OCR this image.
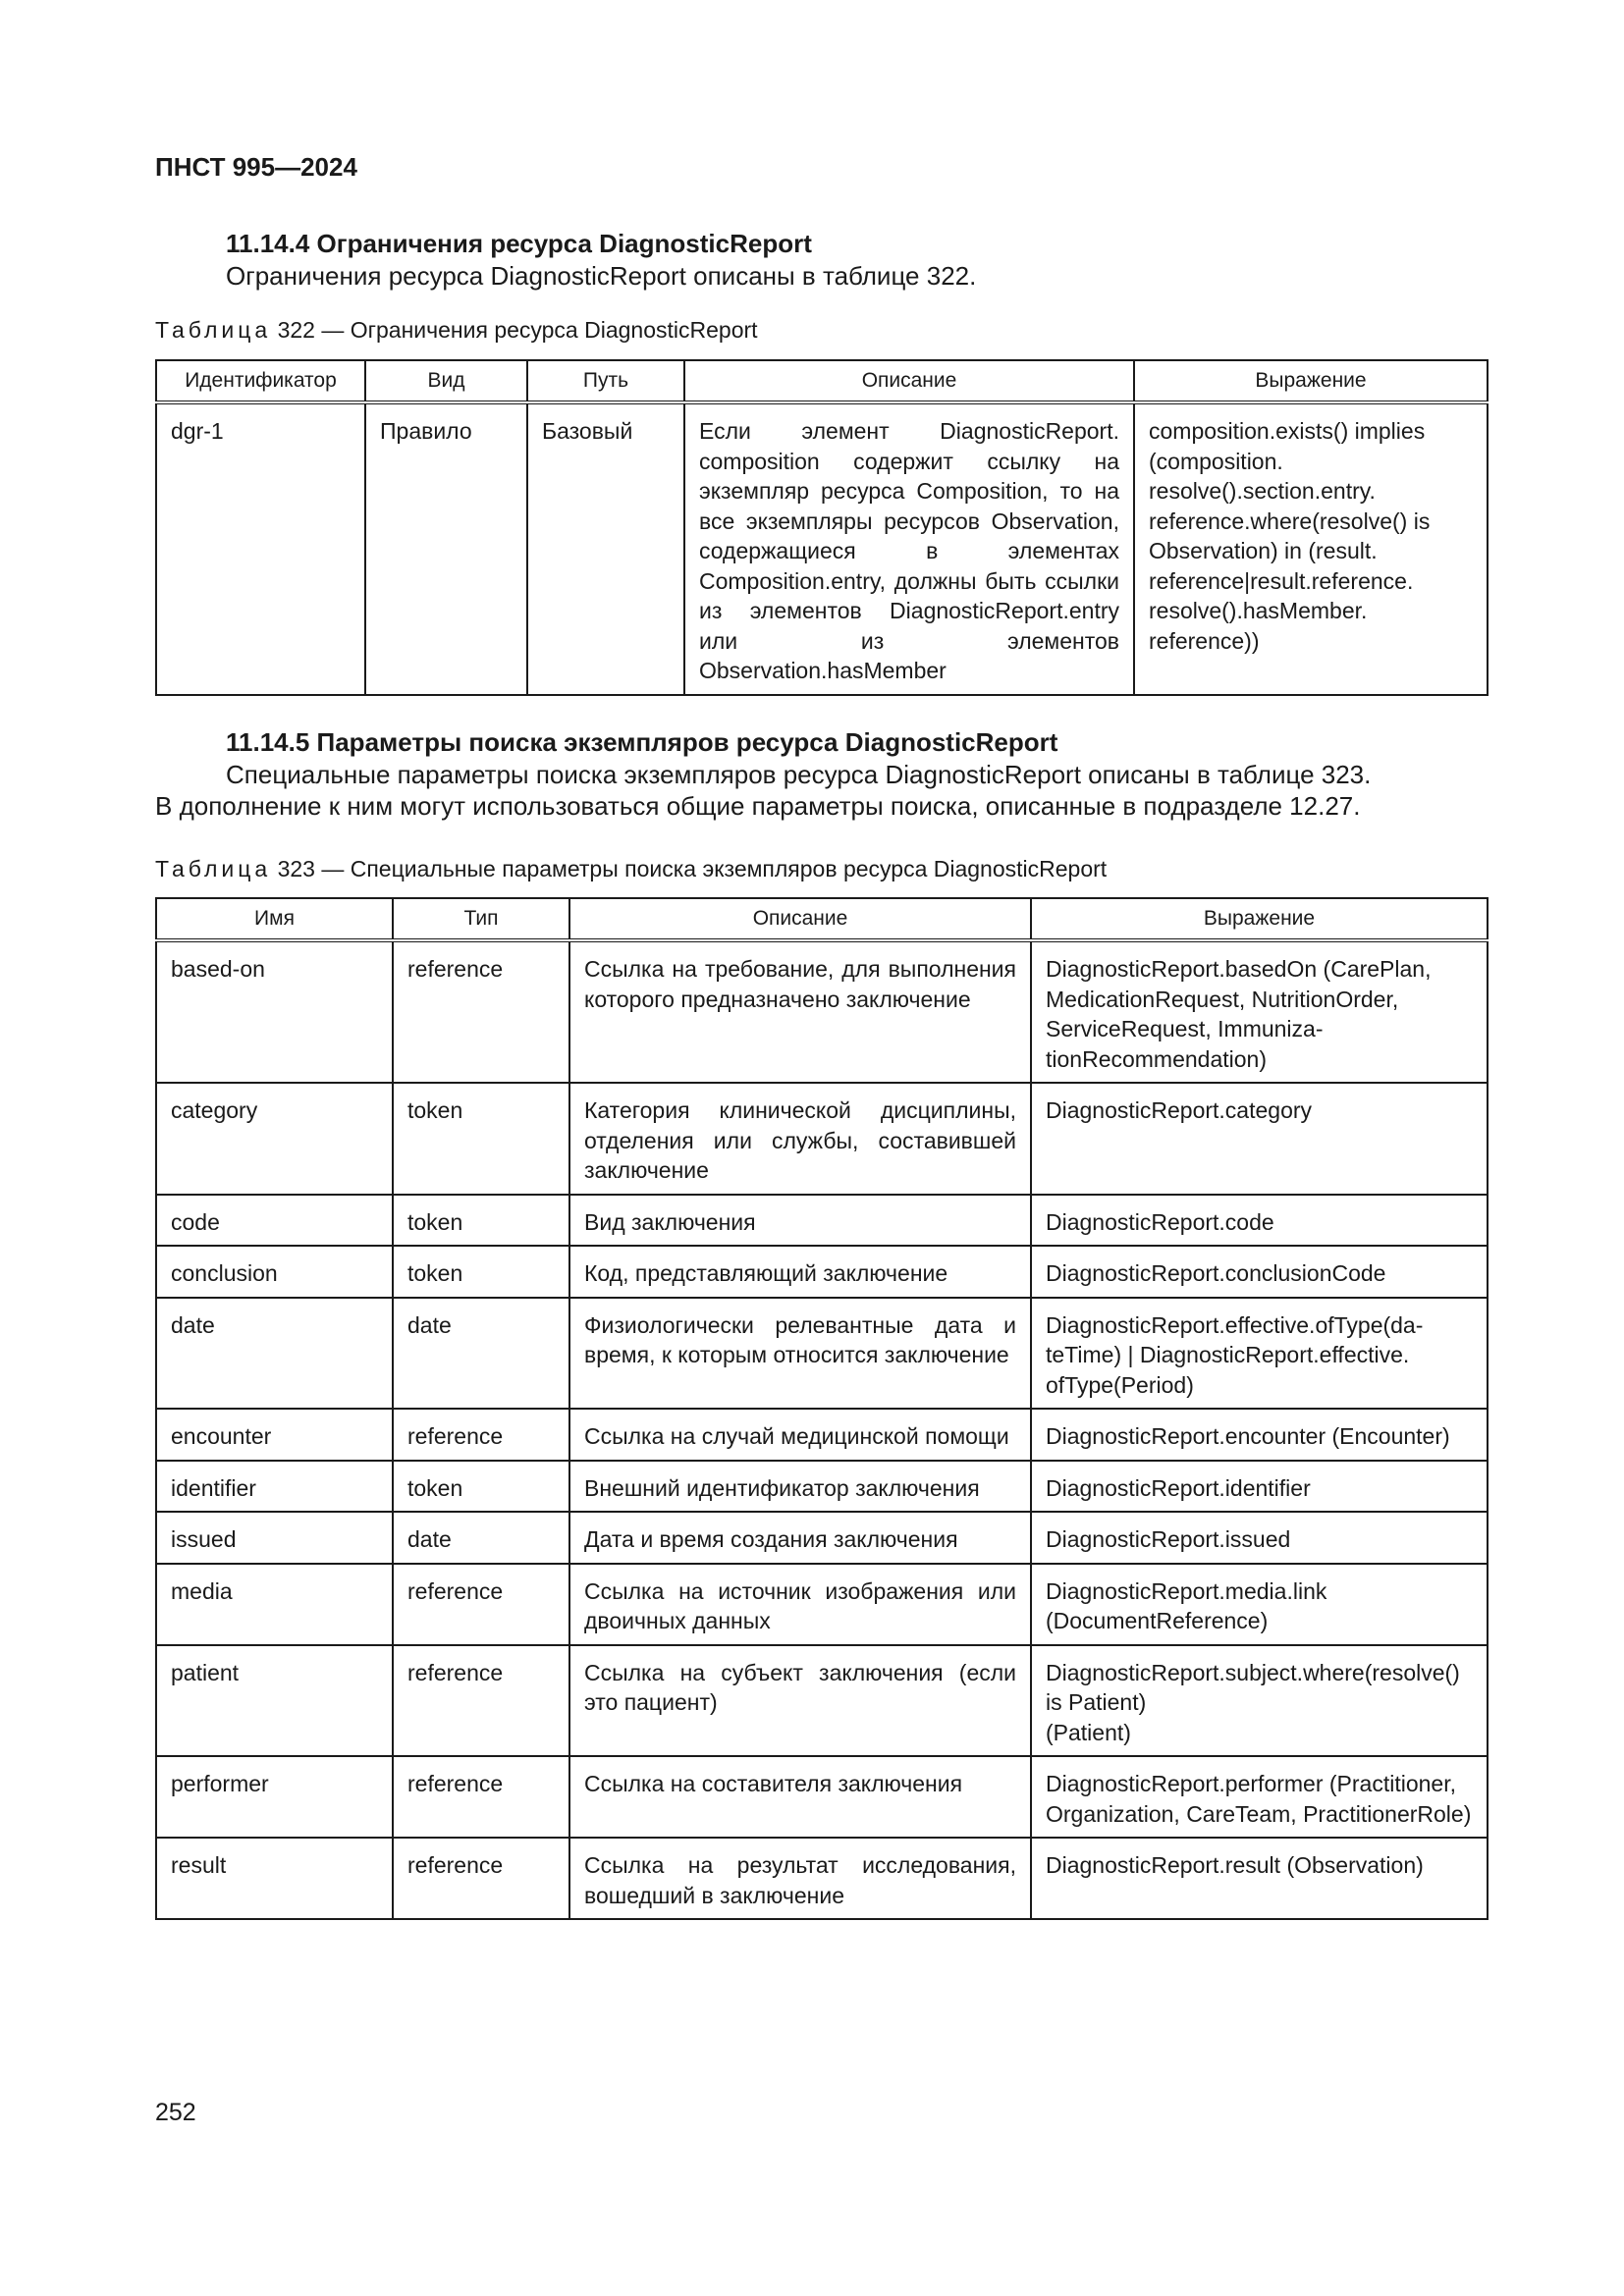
ПНСТ 995—2024

11.14.4 Ограничения ресурса DiagnosticReport

Ограничения ресурса DiagnosticReport описаны в таблице 322.

Таблица 322 — Ограничения ресурса DiagnosticReport

Идентификатор	Вид	Путь	Описание	Выражение
dgr-1	Правило	Базовый	Если элемент DiagnosticReport. composition содержит ссылку на экземпляр ресурса Composition, то на все экземпляры ресурсов Observation, содержащиеся в элементах Composition.entry, должны быть ссылки из элементов DiagnosticReport.entry или из элементов Observation.hasMember	composition.exists() implies (composition. resolve().section.entry. reference.where(resolve() is Observation) in (result. reference|result.reference. resolve().hasMember. reference))

11.14.5 Параметры поиска экземпляров ресурса DiagnosticReport

Специальные параметры поиска экземпляров ресурса DiagnosticReport описаны в таблице 323.

В дополнение к ним могут использоваться общие параметры поиска, описанные в подразделе 12.27.

Таблица 323 — Специальные параметры поиска экземпляров ресурса DiagnosticReport

Имя	Тип	Описание	Выражение
based-on	reference	Ссылка на требование, для выполнения которого предназначено заключение	DiagnosticReport.basedOn (CarePlan, MedicationRequest, NutritionOrder, ServiceRequest, ImmunizationRecommendation)
category	token	Категория клинической дисциплины, отделения или службы, составившей заключение	DiagnosticReport.category
code	token	Вид заключения	DiagnosticReport.code
conclusion	token	Код, представляющий заключение	DiagnosticReport.conclusionCode
date	date	Физиологически релевантные дата и время, к которым относится заключение	DiagnosticReport.effective.ofType(dateTime) | DiagnosticReport.effective. ofType(Period)
encounter	reference	Ссылка на случай медицинской помощи	DiagnosticReport.encounter (Encounter)
identifier	token	Внешний идентификатор заключения	DiagnosticReport.identifier
issued	date	Дата и время создания заключения	DiagnosticReport.issued
media	reference	Ссылка на источник изображения или двоичных данных	DiagnosticReport.media.link (DocumentReference)
patient	reference	Ссылка на субъект заключения (если это пациент)	DiagnosticReport.subject.where(resolve() is Patient)
(Patient)
performer	reference	Ссылка на составителя заключения	DiagnosticReport.performer (Practitioner, Organization, CareTeam, PractitionerRole)
result	reference	Ссылка на результат исследования, вошедший в заключение	DiagnosticReport.result (Observation)

252
